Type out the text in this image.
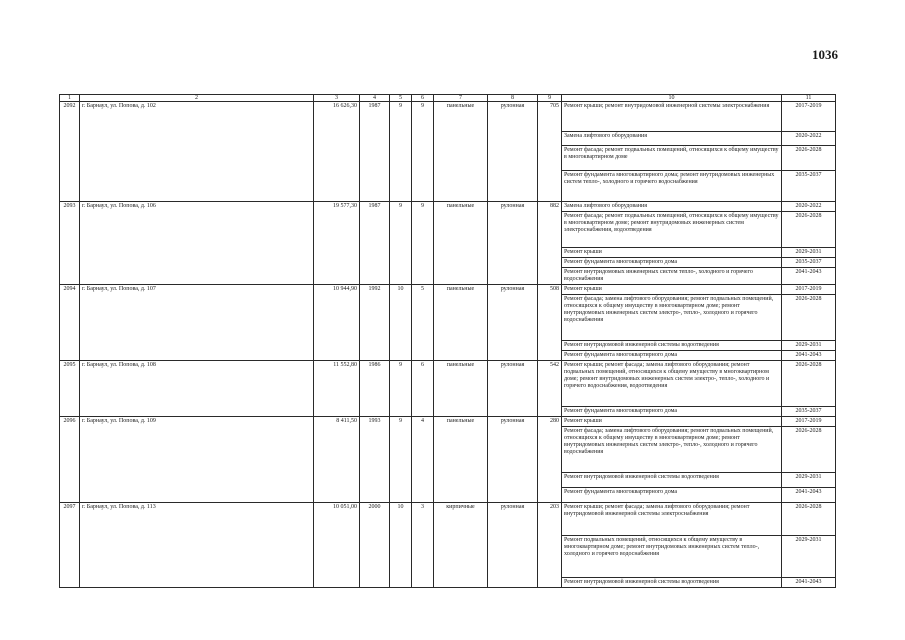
1036
1	2	3	4	5	6	7	8	9	10	11
2092	г. Барнаул, ул. Попова, д. 102	16 626,30	1987	9	9	панельные	рулонная	705	Ремонт крыши; ремонт внутридомовой инженерной системы электроснабжения	2017-2019
									Замена лифтового оборудования	2020-2022
									Ремонт фасада; ремонт подвальных помещений, относящихся к общему имуществу в многоквартирном доме	2026-2028
									Ремонт фундамента многоквартирного дома; ремонт внутридомовых инженерных систем тепло-, холодного и горячего водоснабжения	2035-2037
2093	г. Барнаул, ул. Попова, д. 106	19 577,30	1987	9	9	панельные	рулонная	882	Замена лифтового оборудования	2020-2022
									Ремонт фасада; ремонт подвальных помещений, относящихся к общему имуществу в многоквартирном доме; ремонт внутридомовых инженерных систем электроснабжения, водоотведения	2026-2028
									Ремонт крыши	2029-2031
									Ремонт фундамента многоквартирного дома	2035-2037
									Ремонт внутридомовых инженерных систем тепло-, холодного и горячего водоснабжения	2041-2043
2094	г. Барнаул, ул. Попова, д. 107	10 944,90	1992	10	5	панельные	рулонная	508	Ремонт крыши	2017-2019
									Ремонт фасада; замена лифтового оборудования; ремонт подвальных помещений, относящихся к общему имуществу в многоквартирном доме; ремонт внутридомовых инженерных систем электро-, тепло-, холодного и горячего водоснабжения	2026-2028
									Ремонт внутридомовой инженерной системы водоотведения	2029-2031
									Ремонт фундамента многоквартирного дома	2041-2043
2095	г. Барнаул, ул. Попова, д. 108	11 552,80	1986	9	6	панельные	рулонная	542	Ремонт крыши; ремонт фасада; замена лифтового оборудования; ремонт подвальных помещений, относящихся к общему имуществу в многоквартирном доме; ремонт внутридомовых инженерных систем электро-, тепло-, холодного и горячего водоснабжения, водоотведения	2026-2028
									Ремонт фундамента многоквартирного дома	2035-2037
2096	г. Барнаул, ул. Попова, д. 109	8 411,50	1993	9	4	панельные	рулонная	280	Ремонт крыши	2017-2019
									Ремонт фасада; замена лифтового оборудования; ремонт подвальных помещений, относящихся к общему имуществу в многоквартирном доме; ремонт внутридомовых инженерных систем электро-, тепло-, холодного и горячего водоснабжения	2026-2028
									Ремонт внутридомовой инженерной системы водоотведения	2029-2031
									Ремонт фундамента многоквартирного дома	2041-2043
2097	г. Барнаул, ул. Попова, д. 113	10 051,00	2000	10	3	кирпичные	рулонная	203	Ремонт крыши; ремонт фасада; замена лифтового оборудования; ремонт внутридомовой инженерной системы электроснабжения	2026-2028
									Ремонт подвальных помещений, относящихся к общему имуществу в многоквартирном доме; ремонт внутридомовых инженерных систем тепло-, холодного и горячего водоснабжения	2029-2031
									Ремонт внутридомовой инженерной системы водоотведения	2041-2043
